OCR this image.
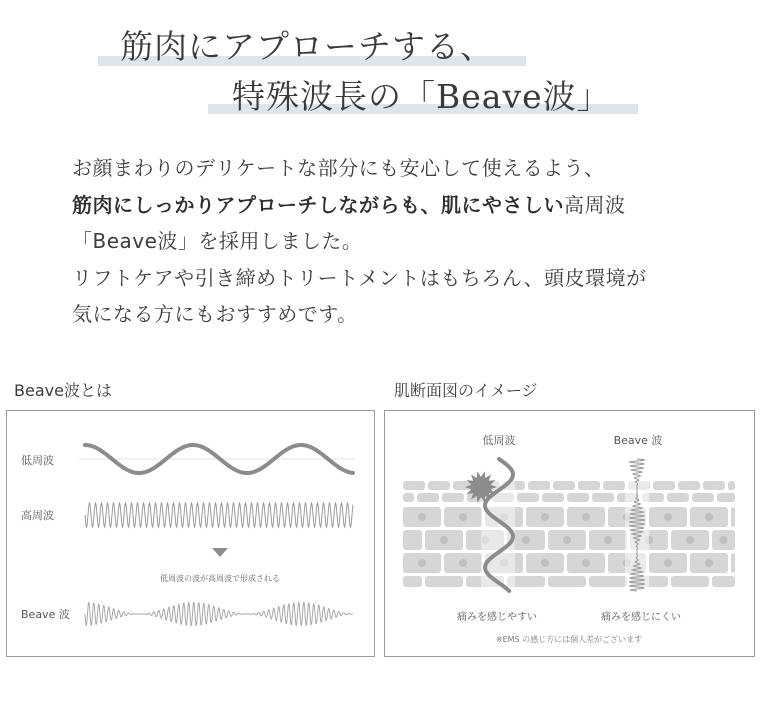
筋肉にアプローチする、
特殊波長の「Beave波」
お顔まわりのデリケートな部分にも安心して使えるよう、
筋肉にしっかりアプローチしながらも、肌にやさしい高周波
「Beave波」を採用しました。
リフトケアや引き締めトリートメントはもちろん、頭皮環境が
気になる方にもおすすめです。
Beave波とは	肌断面図のイメージ
低周波
高周波
低周波の波が高周波で形成される
Beave 波
低周波	Beave 波
痛みを感じやすい	痛みを感じにくい
※EMS の感じ方には個人差がございます
